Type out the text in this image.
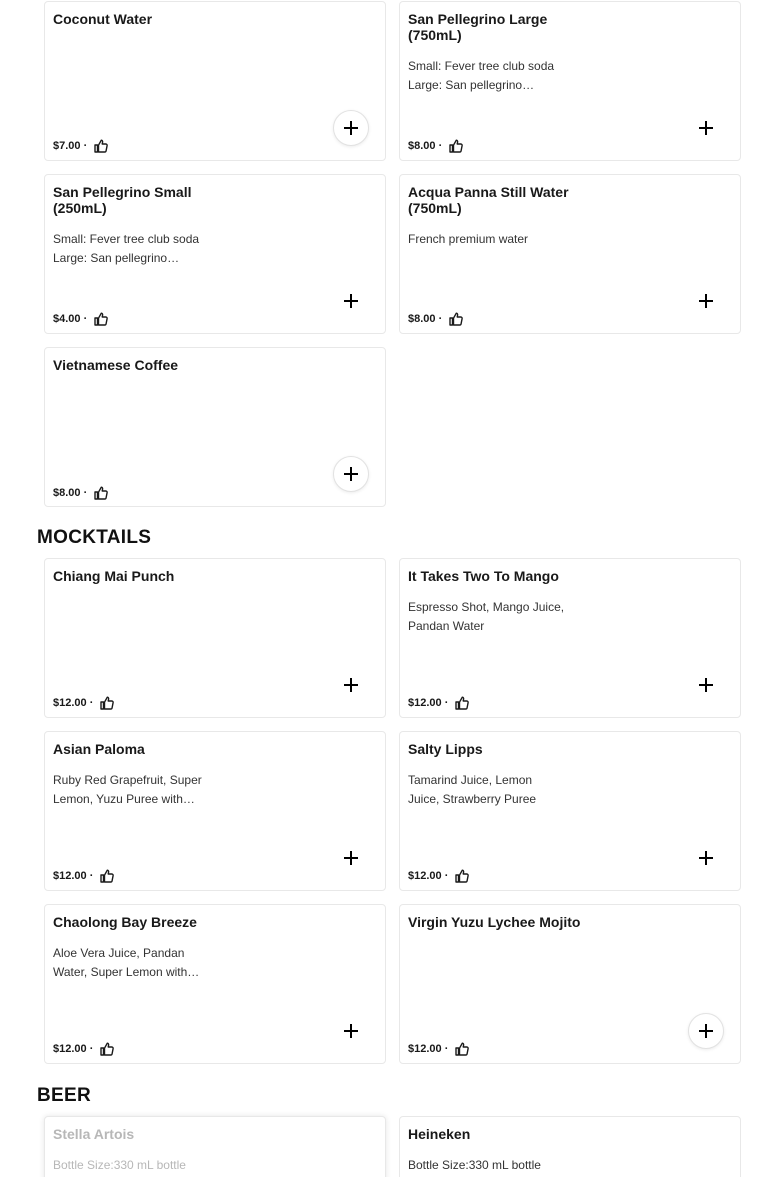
Coconut Water
$7.00 ·
San Pellegrino Large (750mL)
Small: Fever tree club soda Large: San pellegrino…
$8.00 ·
San Pellegrino Small (250mL)
Small: Fever tree club soda Large: San pellegrino…
$4.00 ·
Acqua Panna Still Water (750mL)
French premium water
$8.00 ·
Vietnamese Coffee
$8.00 ·
MOCKTAILS
Chiang Mai Punch
$12.00 ·
It Takes Two To Mango
Espresso Shot, Mango Juice, Pandan Water
$12.00 ·
Asian Paloma
Ruby Red Grapefruit, Super Lemon, Yuzu Puree with…
$12.00 ·
Salty Lipps
Tamarind Juice, Lemon Juice, Strawberry Puree
$12.00 ·
Chaolong Bay Breeze
Aloe Vera Juice, Pandan Water, Super Lemon with…
$12.00 ·
Virgin Yuzu Lychee Mojito
$12.00 ·
BEER
Stella Artois
Bottle Size:330 mL bottle
Heineken
Bottle Size:330 mL bottle
